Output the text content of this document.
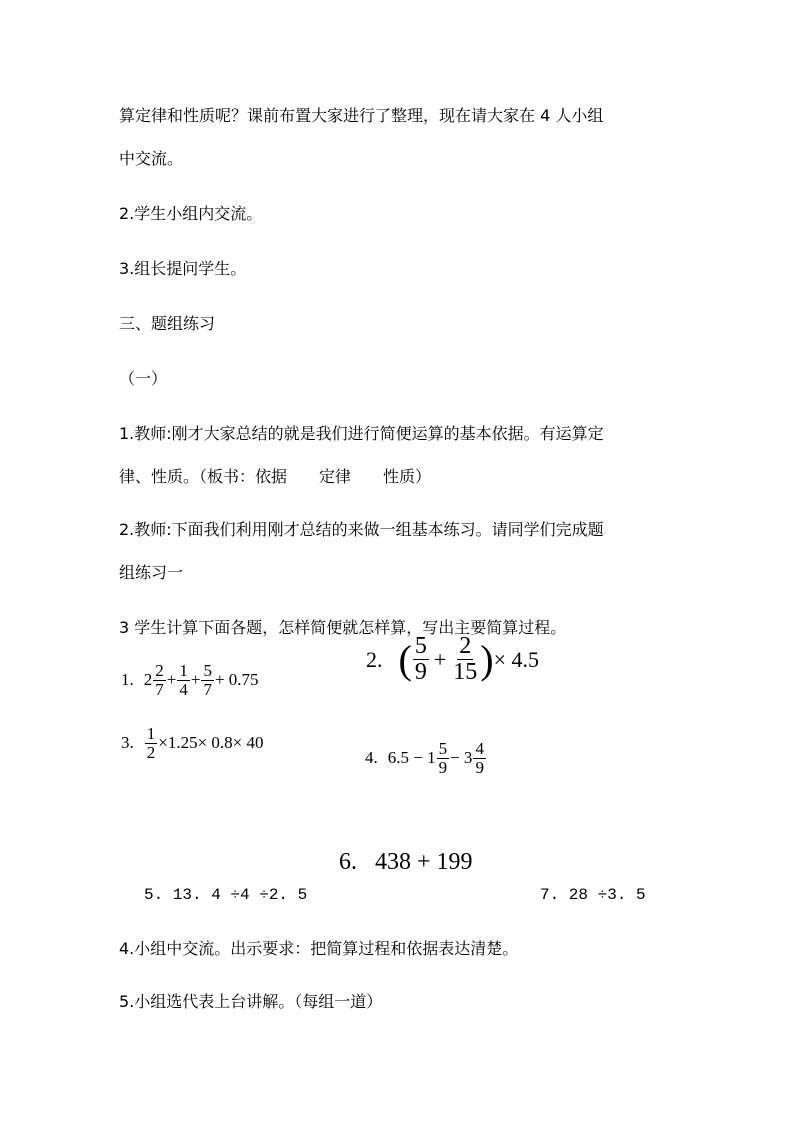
算定律和性质呢？课前布置大家进行了整理，现在请大家在 4 人小组
中交流。
2.学生小组内交流。
3.组长提问学生。
三、题组练习
（一）
1.教师:刚才大家总结的就是我们进行简便运算的基本依据。有运算定
律、性质。（板书：依据　　定律　　性质）
2.教师:下面我们利用刚才总结的来做一组基本练习。请同学们完成题
组练习一
3 学生计算下面各题，怎样简便就怎样算，写出主要简算过程。
1. $2 \frac{2}{7} + \frac{1}{4} + \frac{5}{7} + 0.75$
2. ( $\frac{5}{9} + \frac{2}{15}$ ) × 4.5
3. $\frac{1}{2} \times 1.25\times 0.8\times 40$
4. $6.5 - 1 \frac{5}{9} - 3 \frac{4}{9}$
6. 438 + 199
5. 13. 4 ÷4 ÷2. 5	7. 28 ÷3. 5
4.小组中交流。出示要求：把简算过程和依据表达清楚。
5.小组选代表上台讲解。（每组一道）
